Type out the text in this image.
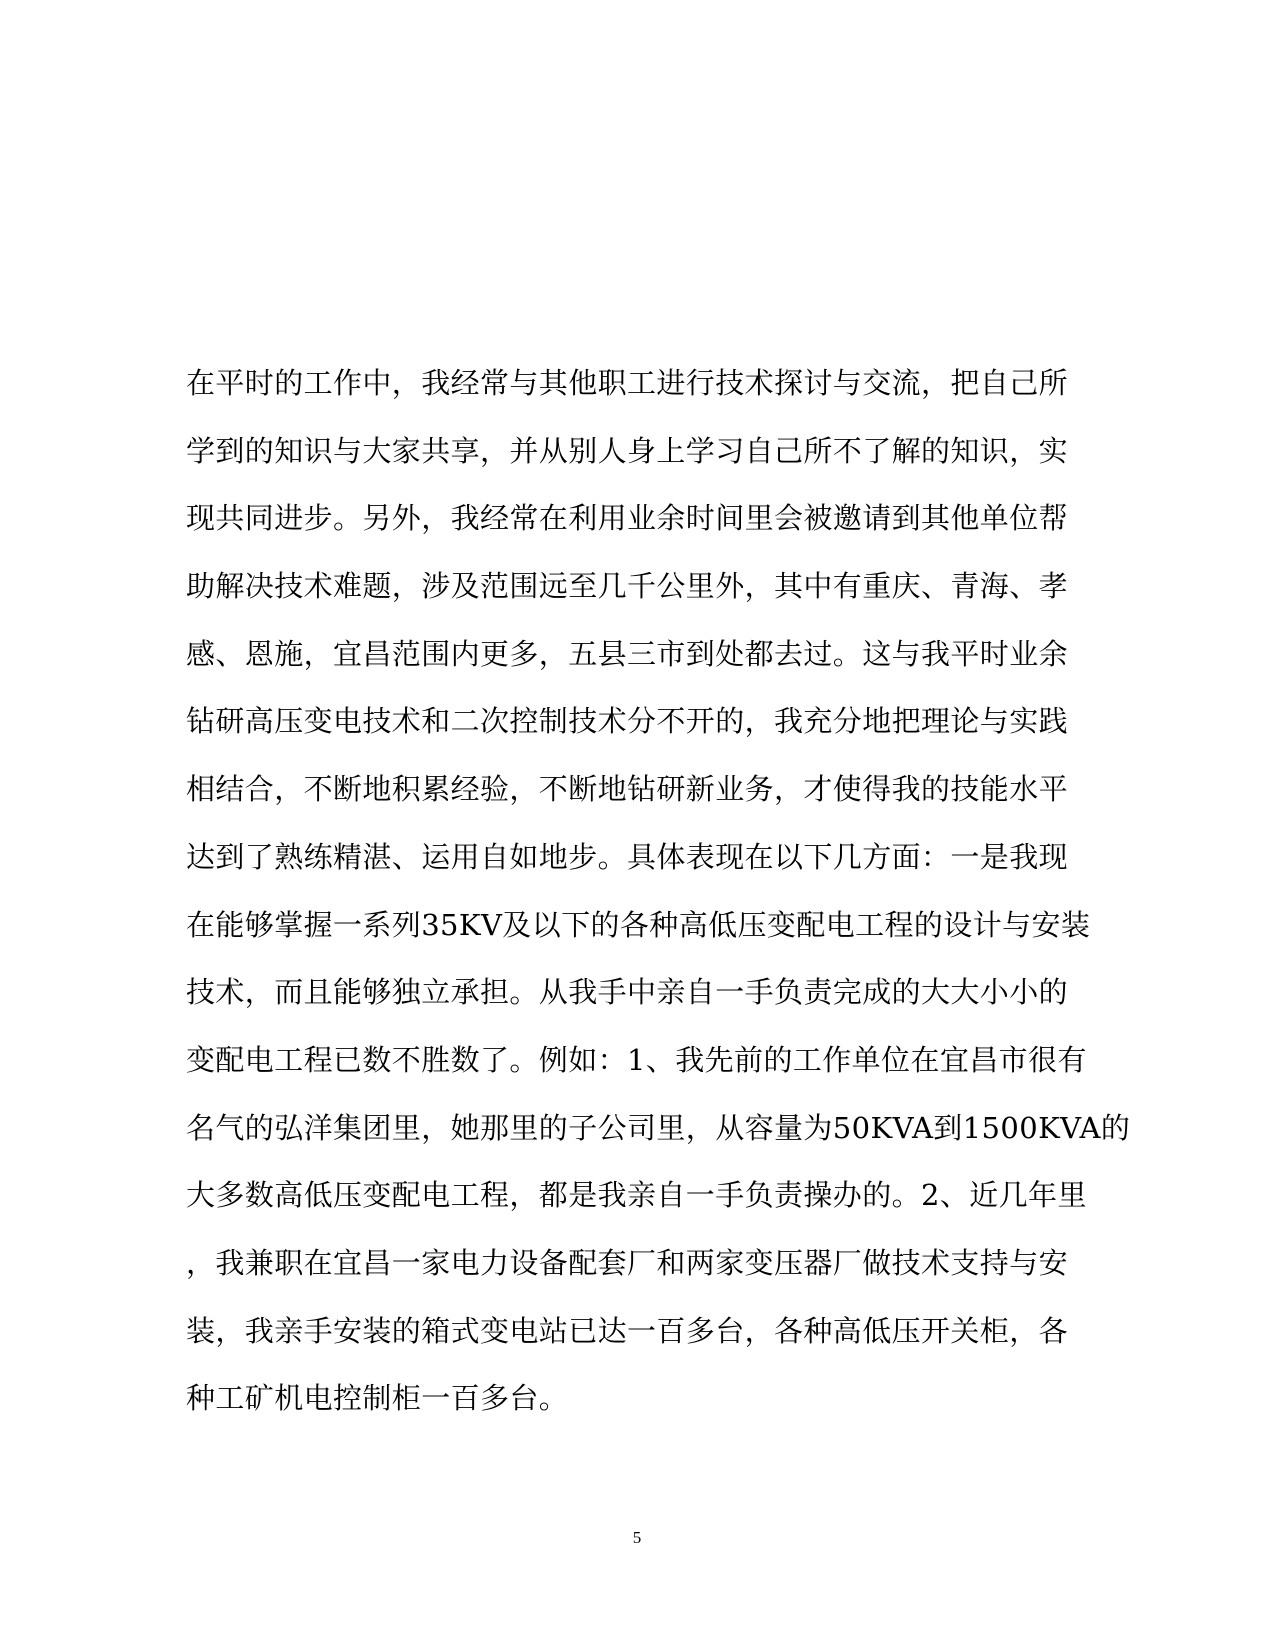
在平时的工作中，我经常与其他职工进行技术探讨与交流，把自己所
学到的知识与大家共享，并从别人身上学习自己所不了解的知识，实
现共同进步。另外，我经常在利用业余时间里会被邀请到其他单位帮
助解决技术难题，涉及范围远至几千公里外，其中有重庆、青海、孝
感、恩施，宜昌范围内更多，五县三市到处都去过。这与我平时业余
钻研高压变电技术和二次控制技术分不开的，我充分地把理论与实践
相结合，不断地积累经验，不断地钻研新业务，才使得我的技能水平
达到了熟练精湛、运用自如地步。具体表现在以下几方面：一是我现
在能够掌握一系列35KV及以下的各种高低压变配电工程的设计与安装
技术，而且能够独立承担。从我手中亲自一手负责完成的大大小小的
变配电工程已数不胜数了。例如：1、我先前的工作单位在宜昌市很有
名气的弘洋集团里，她那里的子公司里，从容量为50KVA到1500KVA的
大多数高低压变配电工程，都是我亲自一手负责操办的。2、近几年里
，我兼职在宜昌一家电力设备配套厂和两家变压器厂做技术支持与安
装，我亲手安装的箱式变电站已达一百多台，各种高低压开关柜，各
种工矿机电控制柜一百多台。
5
